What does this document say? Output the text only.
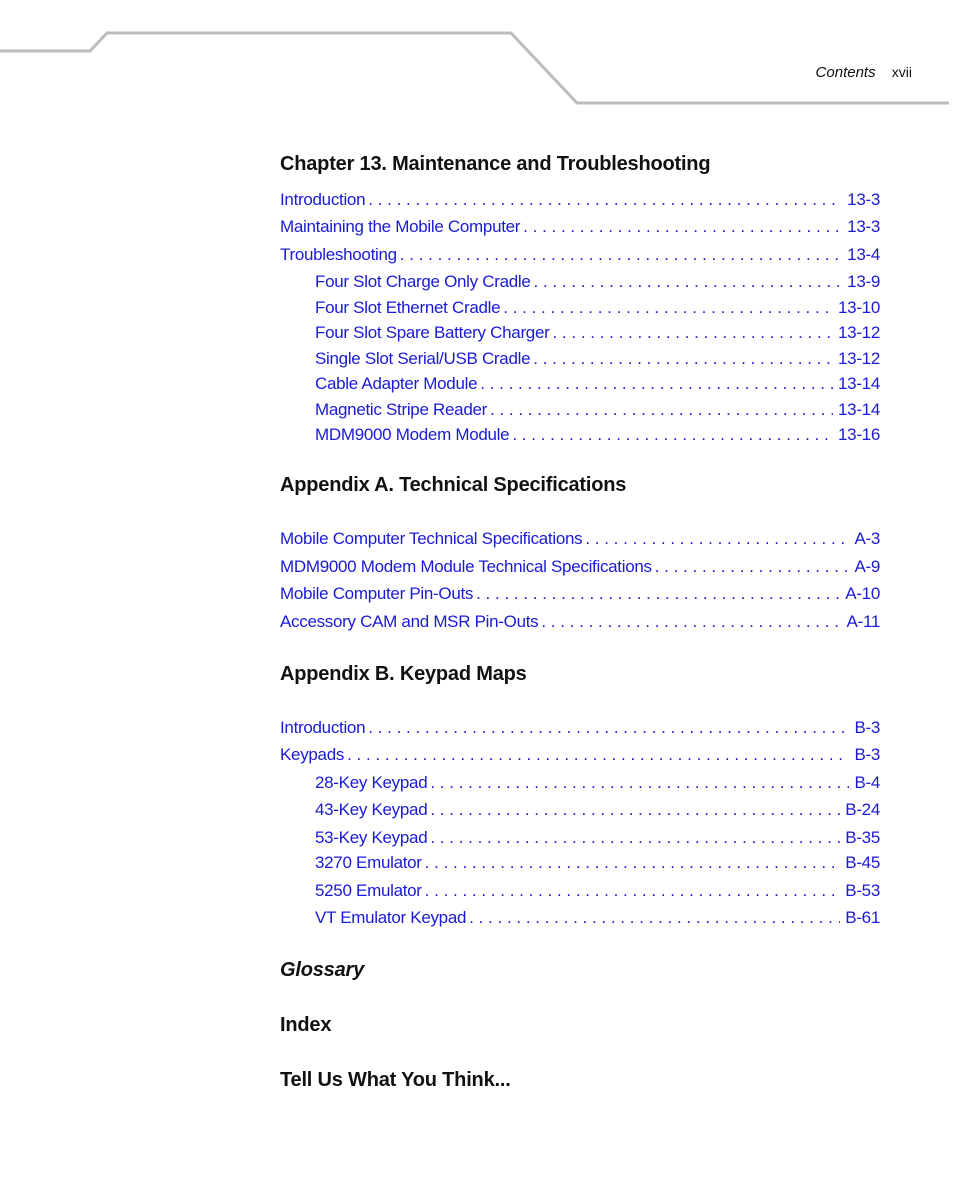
Contents xvii
Chapter 13. Maintenance and Troubleshooting
Introduction . . .	13-3
Maintaining the Mobile Computer . . .	13-3
Troubleshooting . . .	13-4
Four Slot Charge Only Cradle . . .	13-9
Four Slot Ethernet Cradle . . .	13-10
Four Slot Spare Battery Charger . . .	13-12
Single Slot Serial/USB Cradle . . .	13-12
Cable Adapter Module . . .	13-14
Magnetic Stripe Reader . . .	13-14
MDM9000 Modem Module . . .	13-16
Appendix A. Technical Specifications
Mobile Computer Technical Specifications . . .	A-3
MDM9000 Modem Module Technical Specifications . . .	A-9
Mobile Computer Pin-Outs . . .	A-10
Accessory CAM and MSR Pin-Outs . . .	A-11
Appendix B. Keypad Maps
Introduction . . .	B-3
Keypads . . .	B-3
28-Key Keypad . . .	B-4
43-Key Keypad . . .	B-24
53-Key Keypad . . .	B-35
3270 Emulator . . .	B-45
5250 Emulator . . .	B-53
VT Emulator Keypad . . .	B-61
Glossary
Index
Tell Us What You Think...
